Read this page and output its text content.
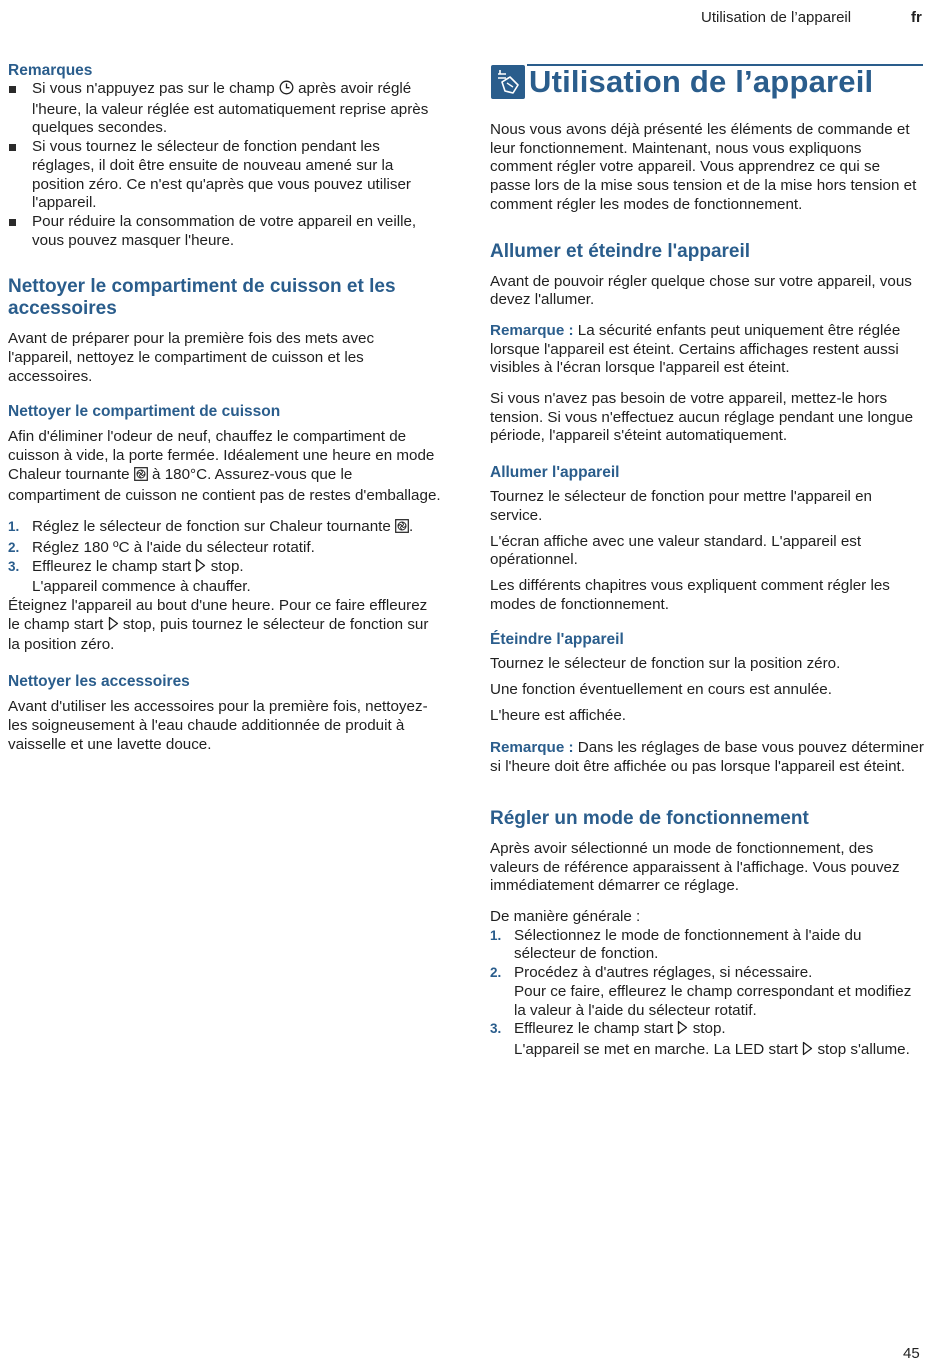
Utilisation de l’appareil	fr
Remarques
Si vous n'appuyez pas sur le champ  après avoir réglé l'heure, la valeur réglée est automatiquement reprise après quelques secondes.
Si vous tournez le sélecteur de fonction pendant les réglages, il doit être ensuite de nouveau amené sur la position zéro. Ce n'est qu'après que vous pouvez utiliser l'appareil.
Pour réduire la consommation de votre appareil en veille, vous pouvez masquer l'heure.
Nettoyer le compartiment de cuisson et les accessoires

Avant de préparer pour la première fois des mets avec l'appareil, nettoyez le compartiment de cuisson et les accessoires.

Nettoyer le compartiment de cuisson

Afin d'éliminer l'odeur de neuf, chauffez le compartiment de cuisson à vide, la porte fermée. Idéalement une heure en mode Chaleur tournante  à 180°C. Assurez-vous que le compartiment de cuisson ne contient pas de restes d'emballage.

1. Réglez le sélecteur de fonction sur Chaleur tournante .
2. Réglez 180 ºC à l'aide du sélecteur rotatif.
3. Effleurez le champ start  stop.
L'appareil commence à chauffer.

Éteignez l'appareil au bout d'une heure. Pour ce faire effleurez le champ start  stop, puis tournez le sélecteur de fonction sur la position zéro.

Nettoyer les accessoires

Avant d'utiliser les accessoires pour la première fois, nettoyez-les soigneusement à l'eau chaude additionnée de produit à vaisselle et une lavette douce.

Utilisation de l’appareil

Nous vous avons déjà présenté les éléments de commande et leur fonctionnement. Maintenant, nous vous expliquons comment régler votre appareil. Vous apprendrez ce qui se passe lors de la mise sous tension et de la mise hors tension et comment régler les modes de fonctionnement.

Allumer et éteindre l'appareil

Avant de pouvoir régler quelque chose sur votre appareil, vous devez l'allumer.

Remarque : La sécurité enfants peut uniquement être réglée lorsque l'appareil est éteint. Certains affichages restent aussi visibles à l'écran lorsque l'appareil est éteint.

Si vous n'avez pas besoin de votre appareil, mettez-le hors tension. Si vous n'effectuez aucun réglage pendant une longue période, l'appareil s'éteint automatiquement.

Allumer l'appareil

Tournez le sélecteur de fonction pour mettre l'appareil en service.

L'écran affiche avec une valeur standard. L'appareil est opérationnel.

Les différents chapitres vous expliquent comment régler les modes de fonctionnement.

Éteindre l'appareil

Tournez le sélecteur de fonction sur la position zéro.

Une fonction éventuellement en cours est annulée.

L'heure est affichée.

Remarque : Dans les réglages de base vous pouvez déterminer si l'heure doit être affichée ou pas lorsque l'appareil est éteint.

Régler un mode de fonctionnement

Après avoir sélectionné un mode de fonctionnement, des valeurs de référence apparaissent à l'affichage. Vous pouvez immédiatement démarrer ce réglage.

De manière générale :

1. Sélectionnez le mode de fonctionnement à l'aide du sélecteur de fonction.
2. Procédez à d'autres réglages, si nécessaire.
Pour ce faire, effleurez le champ correspondant et modifiez la valeur à l'aide du sélecteur rotatif.
3. Effleurez le champ start  stop.
L'appareil se met en marche. La LED start  stop s'allume.
45
